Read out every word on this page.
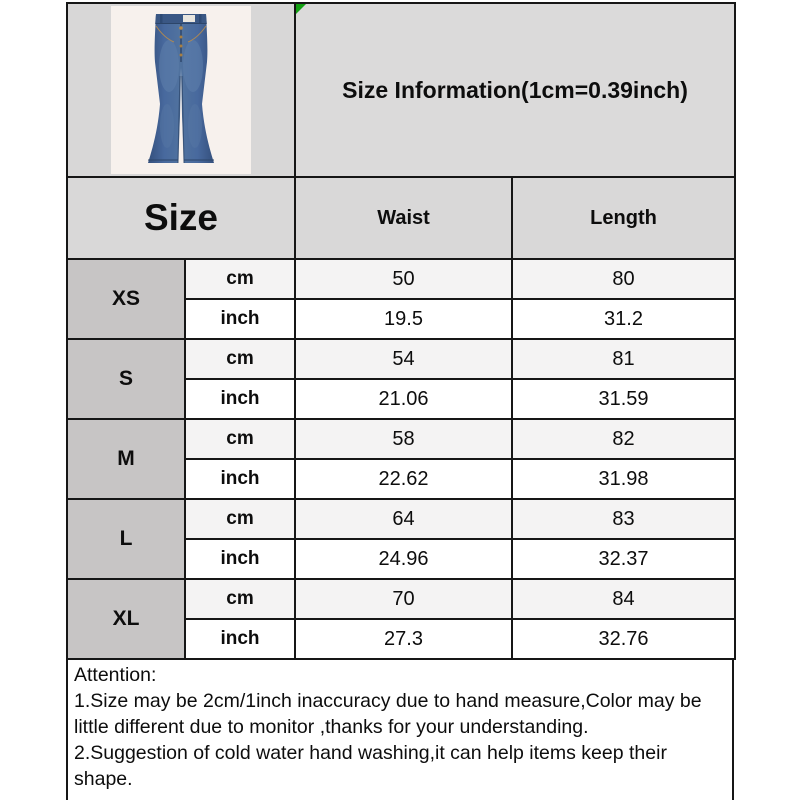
Size Information(1cm=0.39inch)	
Size		Waist	Length
XS	cm	50	80
	inch	19.5	31.2
S	cm	54	81
	inch	21.06	31.59
M	cm	58	82
	inch	22.62	31.98
L	cm	64	83
	inch	24.96	32.37
XL	cm	70	84
	inch	27.3	32.76
Attention:
1.Size may be 2cm/1inch inaccuracy due to hand measure,Color may be little different due to monitor ,thanks for your understanding.
2.Suggestion of cold water hand washing,it can help items keep their shape.
